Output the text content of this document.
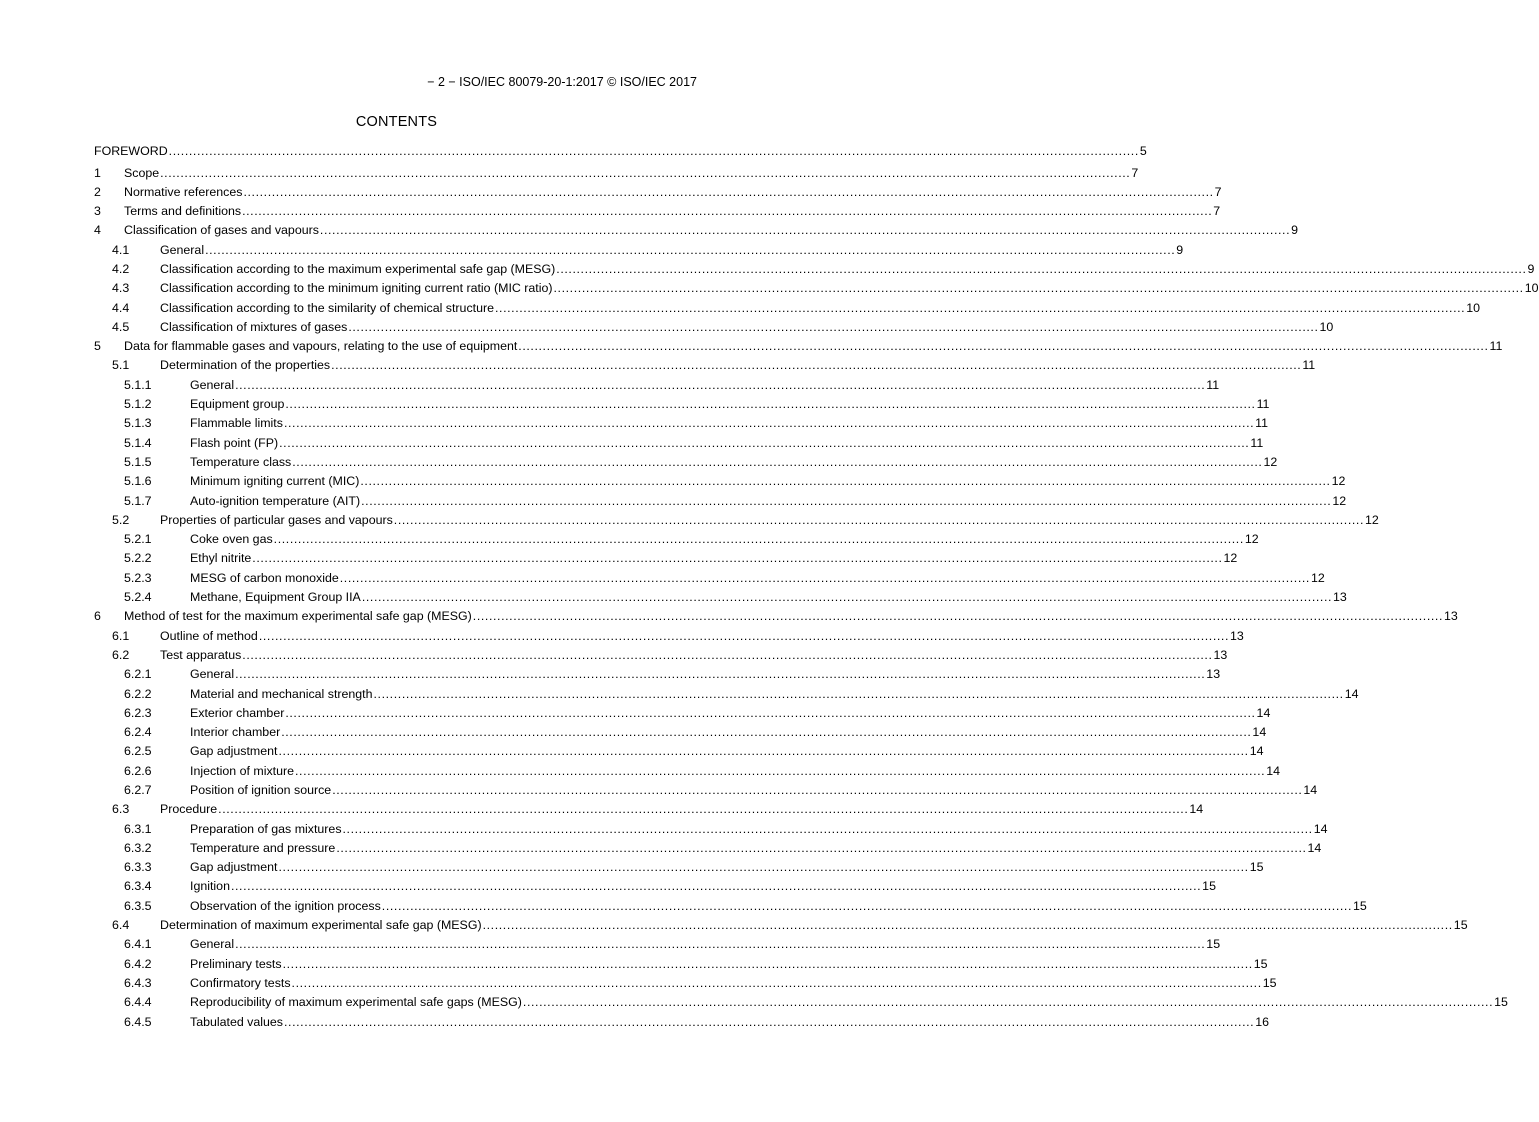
− 2 − ISO/IEC 80079-20-1:2017 © ISO/IEC 2017
CONTENTS
FOREWORD .....	5
1	Scope .....	7
2	Normative references .....	7
3	Terms and definitions .....	7
4	Classification of gases and vapours .....	9
4.1	General .....	9
4.2	Classification according to the maximum experimental safe gap (MESG) .....	9
4.3	Classification according to the minimum igniting current ratio (MIC ratio) .....	10
4.4	Classification according to the similarity of chemical structure .....	10
4.5	Classification of mixtures of gases .....	10
5	Data for flammable gases and vapours, relating to the use of equipment .....	11
5.1	Determination of the properties .....	11
5.1.1	General .....	11
5.1.2	Equipment group .....	11
5.1.3	Flammable limits .....	11
5.1.4	Flash point (FP) .....	11
5.1.5	Temperature class .....	12
5.1.6	Minimum igniting current (MIC) .....	12
5.1.7	Auto-ignition temperature (AIT) .....	12
5.2	Properties of particular gases and vapours .....	12
5.2.1	Coke oven gas .....	12
5.2.2	Ethyl nitrite .....	12
5.2.3	MESG of carbon monoxide .....	12
5.2.4	Methane, Equipment Group IIA .....	13
6	Method of test for the maximum experimental safe gap (MESG) .....	13
6.1	Outline of method .....	13
6.2	Test apparatus .....	13
6.2.1	General .....	13
6.2.2	Material and mechanical strength .....	14
6.2.3	Exterior chamber .....	14
6.2.4	Interior chamber .....	14
6.2.5	Gap adjustment .....	14
6.2.6	Injection of mixture .....	14
6.2.7	Position of ignition source .....	14
6.3	Procedure .....	14
6.3.1	Preparation of gas mixtures .....	14
6.3.2	Temperature and pressure .....	14
6.3.3	Gap adjustment .....	15
6.3.4	Ignition .....	15
6.3.5	Observation of the ignition process .....	15
6.4	Determination of maximum experimental safe gap (MESG) .....	15
6.4.1	General .....	15
6.4.2	Preliminary tests .....	15
6.4.3	Confirmatory tests .....	15
6.4.4	Reproducibility of maximum experimental safe gaps (MESG) .....	15
6.4.5	Tabulated values .....	16
